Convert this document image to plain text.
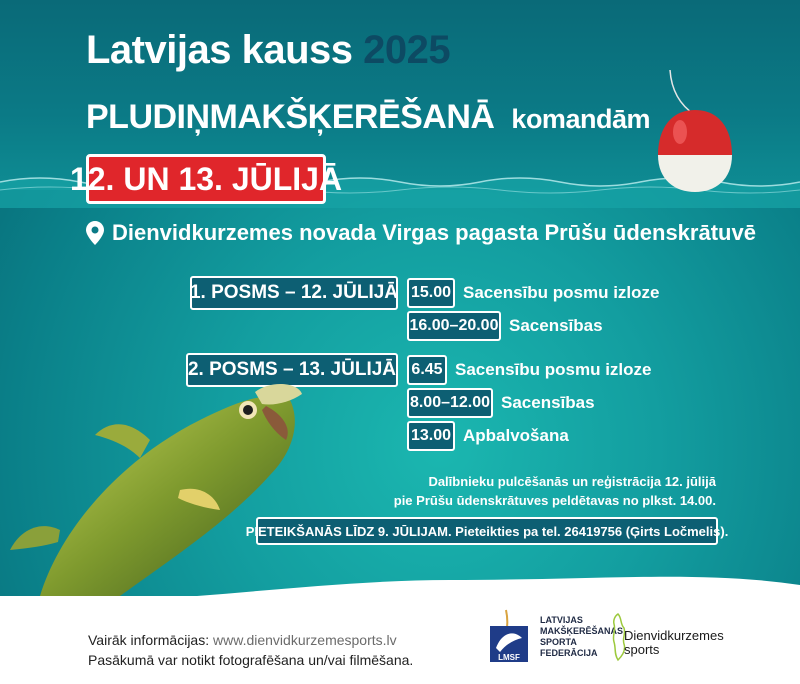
Latvijas kauss 2025
PLUDIŅMAKŠĶERĒŠANĀ komandām
12. UN 13. JŪLIJĀ
Dienvidkurzemes novada Virgas pagasta Prūšu ūdenskrātuvē
1. POSMS – 12. JŪLIJĀ 15.00 Sacensību posmu izloze
16.00–20.00 Sacensības
2. POSMS – 13. JŪLIJĀ 6.45 Sacensību posmu izloze
8.00–12.00 Sacensības
13.00 Apbalvošana
Dalībnieku pulcēšanās un reģistrācija 12. jūlijā
pie Prūšu ūdenskrātuves peldētavas no plkst. 14.00.
PIETEIKŠANĀS LĪDZ 9. JŪLIJAM. Pieteikties pa tel. 26419756 (Ģirts Ločmelis).
Vairāk informācijas: www.dienvidkurzemesports.lv
Pasākumā var notikt fotografēšana un/vai filmēšana.	LMSF
LATVIJAS
MAKŠĶERĒŠANAS
SPORTA
FEDERĀCIJA
Dienvidkurzemes
sports
